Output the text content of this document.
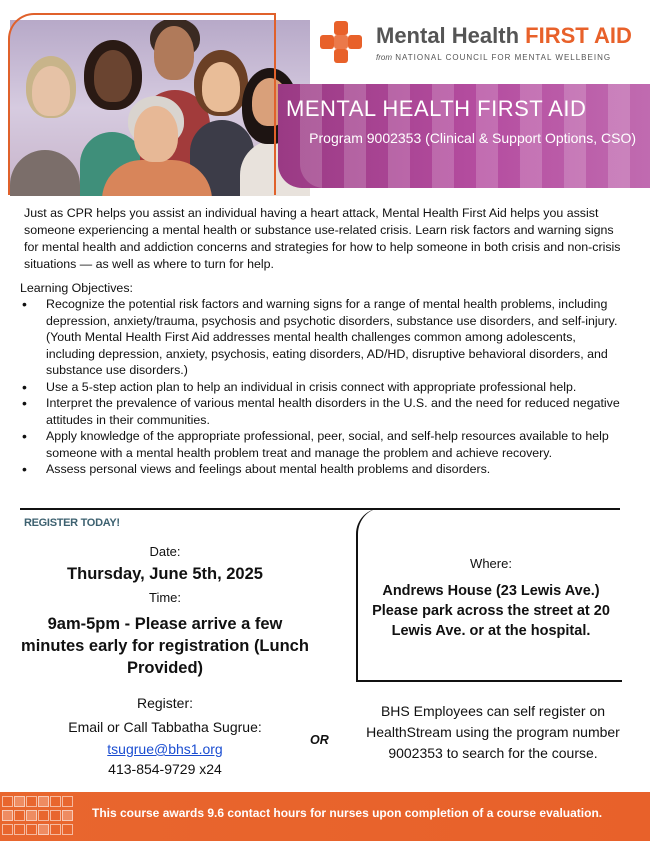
MENTAL HEALTH FIRST AID
Program 9002353 (Clinical & Support Options, CSO)
Mental Health FIRST AID
from NATIONAL COUNCIL FOR MENTAL WELLBEING
Just as CPR helps you assist an individual having a heart attack, Mental Health First Aid helps you assist someone experiencing a mental health or substance use-related crisis. Learn risk factors and warning signs for mental health and addiction concerns and strategies for how to help someone in both crisis and non-crisis situations — as well as where to turn for help.
Learning Objectives:
• Recognize the potential risk factors and warning signs for a range of mental health problems, including depression, anxiety/trauma, psychosis and psychotic disorders, substance use disorders, and self-injury. (Youth Mental Health First Aid addresses mental health challenges common among adolescents, including depression, anxiety, psychosis, eating disorders, AD/HD, disruptive behavioral disorders, and substance use disorders.)
• Use a 5-step action plan to help an individual in crisis connect with appropriate professional help.
• Interpret the prevalence of various mental health disorders in the U.S. and the need for reduced negative attitudes in their communities.
• Apply knowledge of the appropriate professional, peer, social, and self-help resources available to help someone with a mental health problem treat and manage the problem and achieve recovery.
• Assess personal views and feelings about mental health problems and disorders.
REGISTER TODAY!
Date:
Thursday, June 5th, 2025
Time:
9am-5pm - Please arrive a few minutes early for registration (Lunch Provided)
Register:
Email or Call Tabbatha Sugrue:
tsugrue@bhs1.org
413-854-9729 x24
Where:
Andrews House (23 Lewis Ave.) Please park across the street at 20 Lewis Ave. or at the hospital.
OR
BHS Employees can self register on HealthStream using the program number 9002353 to search for the course.
This course awards 9.6 contact hours for nurses upon completion of a course evaluation.
